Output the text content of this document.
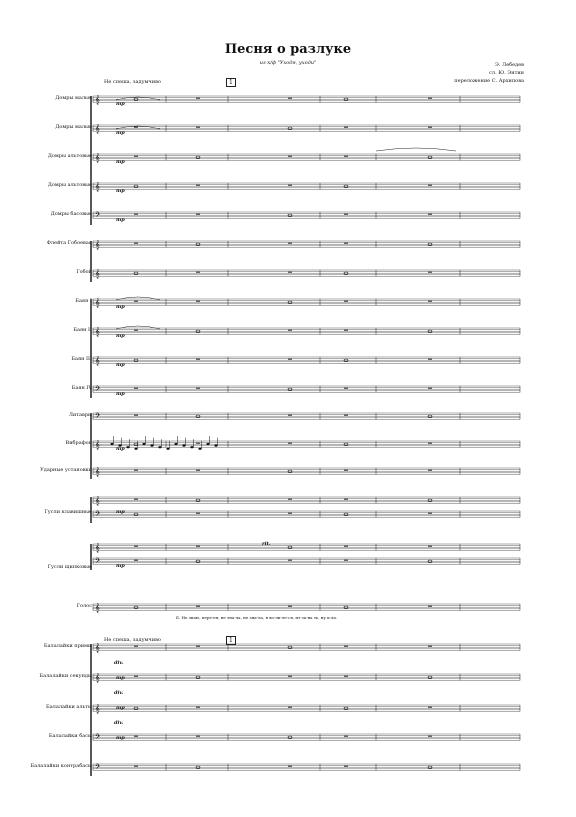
𝄞
𝄞
𝄞
𝄞
𝄢
𝄞
𝄞
𝄞
𝄞
𝄞
𝄢
𝄢
𝄞
𝄞
𝄞
𝄢
𝄞
𝄢
𝄞
𝄞
𝄞
𝄞
𝄢
𝄢
Песня о разлуке
из к/ф "Уходя, уходи"	Э. Лебедев
сл. Ю. Энтин
переложение С. Архипова
Не спеша, задумчиво	1
Не спеша, задумчиво	1
Домры малые
Домры малые
Домры альтовые
Домры альтовые
Домры басовые
Флейта Гобоевая
Гобой
Баян I
Баян II
Баян III
Баян IV
Литавры
Вибрафон
Ударные установки
Гусли клавишные
Гусли щипковые
Голос
Балалайки примы
Балалайки секунды
Балалайки альты
Балалайки басы
Балалайки контрабасы
mp
mp
mp
mp
mp
mp
mp
mp
mp
mp
mp
mp
div.
mp
div.
mp
div.
mp
rit.
Б. Не знаю, пере-ен, не зна-ла, не зна-ла, я во-ли-ле-ся, из-за-на ть, ну к-ла.
